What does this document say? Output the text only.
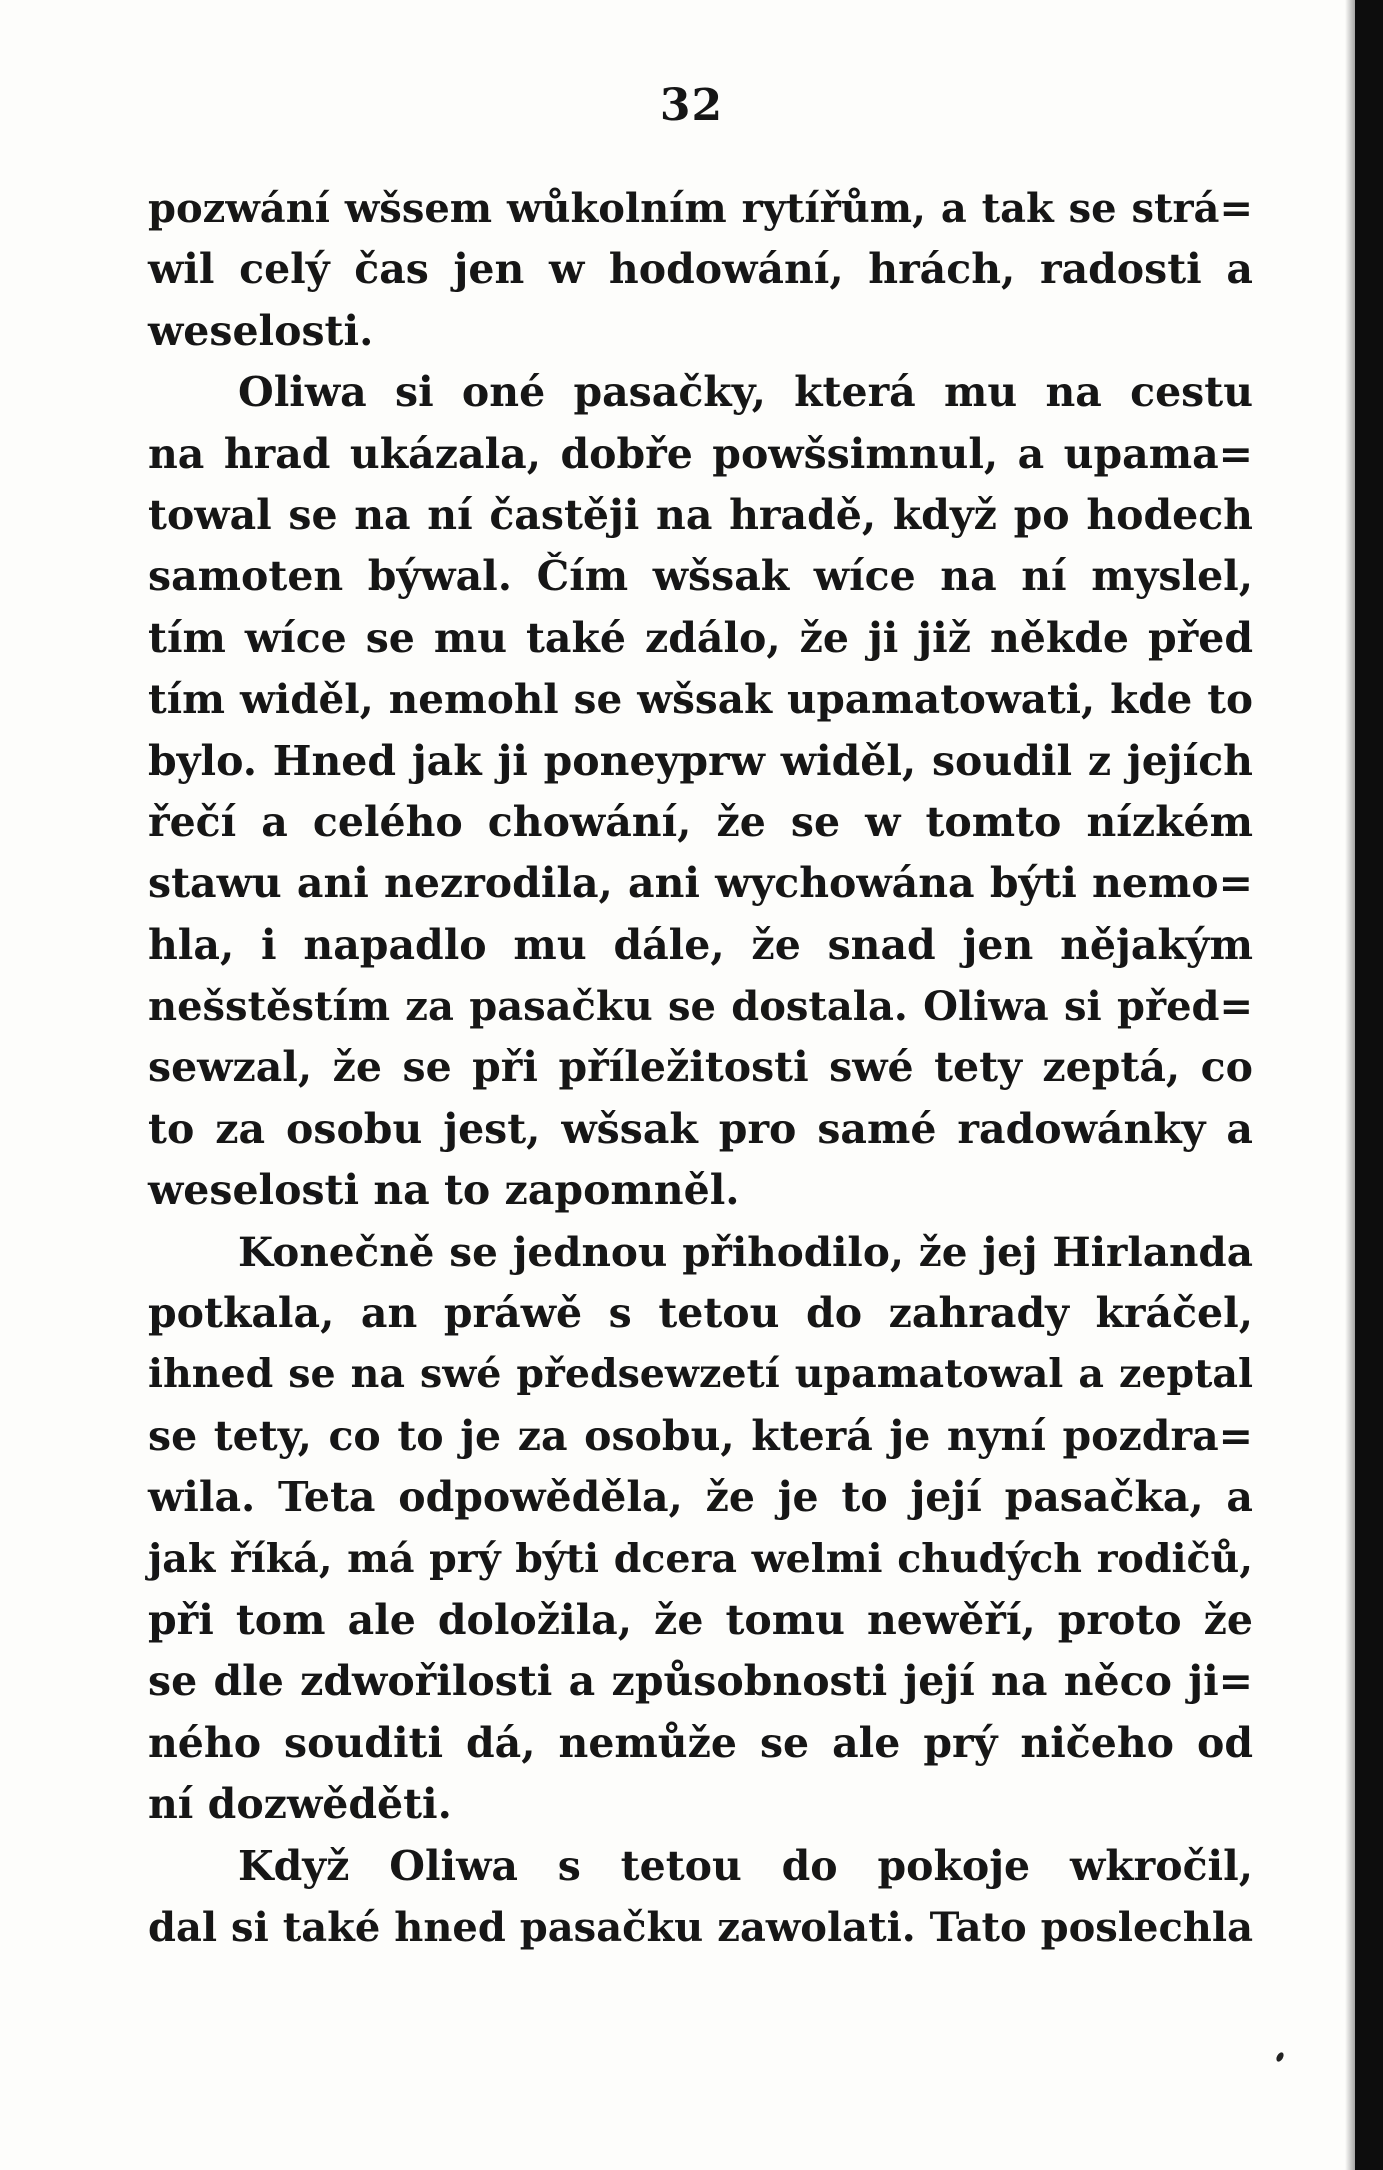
32
pozwání wšsem wůkolním rytířům, a tak se strá=
wil celý čas jen w hodowání, hrách, radosti a
weselosti.
Oliwa si oné pasačky, která mu na cestu
na hrad ukázala, dobře powšsimnul, a upama=
towal se na ní častěji na hradě, když po hodech
samoten býwal. Čím wšsak wíce na ní myslel,
tím wíce se mu také zdálo, že ji již někde před
tím widěl, nemohl se wšsak upamatowati, kde to
bylo. Hned jak ji poneyprw widěl, soudil z jejích
řečí a celého chowání, že se w tomto nízkém
stawu ani nezrodila, ani wychowána býti nemo=
hla, i napadlo mu dále, že snad jen nějakým
nešstěstím za pasačku se dostala. Oliwa si před=
sewzal, že se při příležitosti swé tety zeptá, co
to za osobu jest, wšsak pro samé radowánky a
weselosti na to zapomněl.
Konečně se jednou přihodilo, že jej Hirlanda
potkala, an práwě s tetou do zahrady kráčel,
ihned se na swé předsewzetí upamatowal a zeptal
se tety, co to je za osobu, která je nyní pozdra=
wila. Teta odpowěděla, že je to její pasačka, a
jak říká, má prý býti dcera welmi chudých rodičů,
při tom ale doložila, že tomu newěří, proto že
se dle zdwořilosti a způsobnosti její na něco ji=
ného souditi dá, nemůže se ale prý ničeho od
ní dozwěděti.
Když Oliwa s tetou do pokoje wkročil,
dal si také hned pasačku zawolati. Tato poslechla
